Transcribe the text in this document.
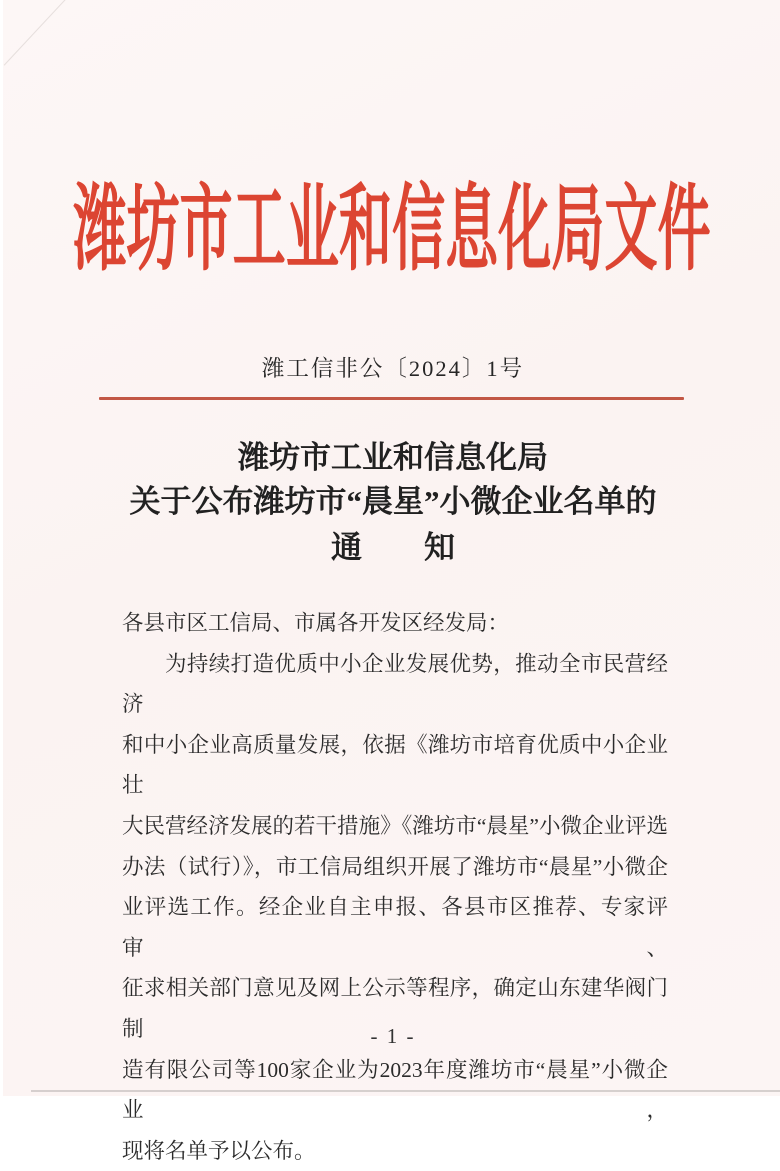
潍坊市工业和信息化局文件
潍工信非公〔2024〕1号
潍坊市工业和信息化局
关于公布潍坊市“晨星”小微企业名单的
通　　知
各县市区工信局、市属各开发区经发局：
为持续打造优质中小企业发展优势，推动全市民营经济
和中小企业高质量发展，依据《潍坊市培育优质中小企业壮
大民营经济发展的若干措施》《潍坊市“晨星”小微企业评选
办法（试行）》，市工信局组织开展了潍坊市“晨星”小微企
业评选工作。经企业自主申报、各县市区推荐、专家评审、
征求相关部门意见及网上公示等程序，确定山东建华阀门制
造有限公司等100家企业为2023年度潍坊市“晨星”小微企业，
现将名单予以公布。
- 1 -
